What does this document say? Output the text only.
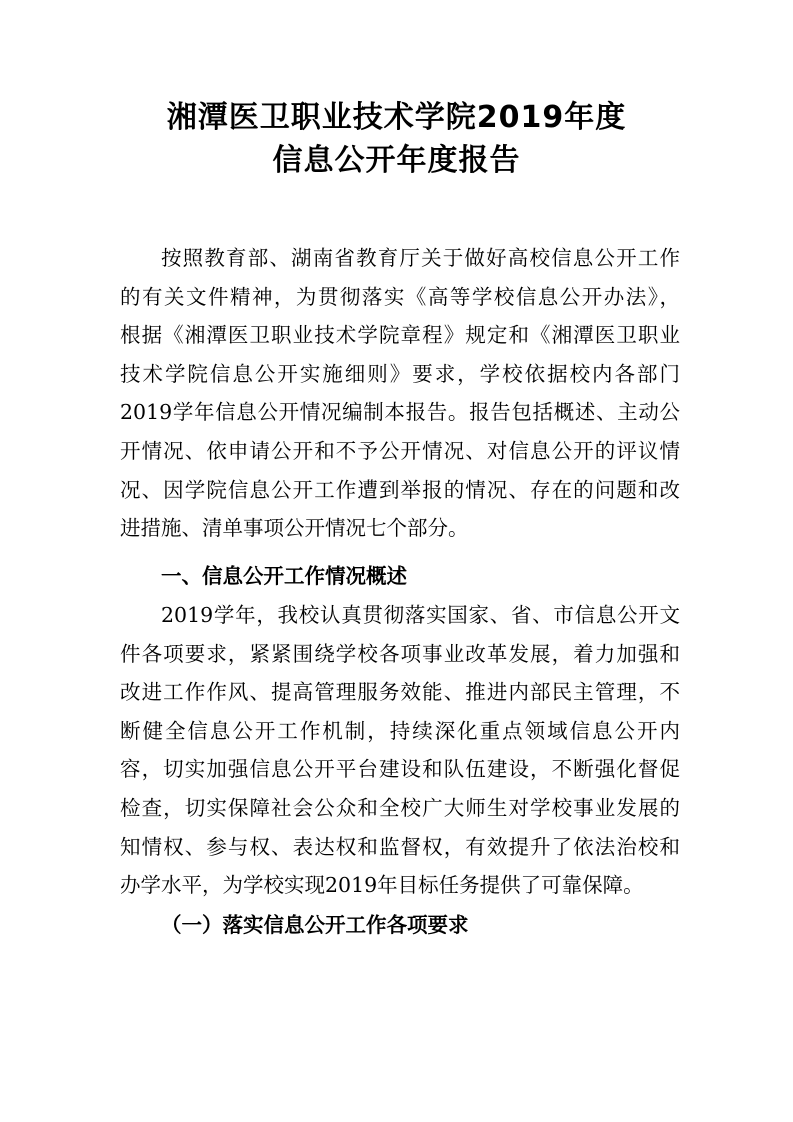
湘潭医卫职业技术学院2019年度
信息公开年度报告
按照教育部、湖南省教育厅关于做好高校信息公开工作
的有关文件精神，为贯彻落实《高等学校信息公开办法》，
根据《湘潭医卫职业技术学院章程》规定和《湘潭医卫职业
技术学院信息公开实施细则》要求，学校依据校内各部门
2019学年信息公开情况编制本报告。报告包括概述、主动公
开情况、依申请公开和不予公开情况、对信息公开的评议情
况、因学院信息公开工作遭到举报的情况、存在的问题和改
进措施、清单事项公开情况七个部分。
一、信息公开工作情况概述
2019学年，我校认真贯彻落实国家、省、市信息公开文
件各项要求，紧紧围绕学校各项事业改革发展，着力加强和
改进工作作风、提高管理服务效能、推进内部民主管理，不
断健全信息公开工作机制，持续深化重点领域信息公开内
容，切实加强信息公开平台建设和队伍建设，不断强化督促
检查，切实保障社会公众和全校广大师生对学校事业发展的
知情权、参与权、表达权和监督权，有效提升了依法治校和
办学水平，为学校实现2019年目标任务提供了可靠保障。
（一）落实信息公开工作各项要求
